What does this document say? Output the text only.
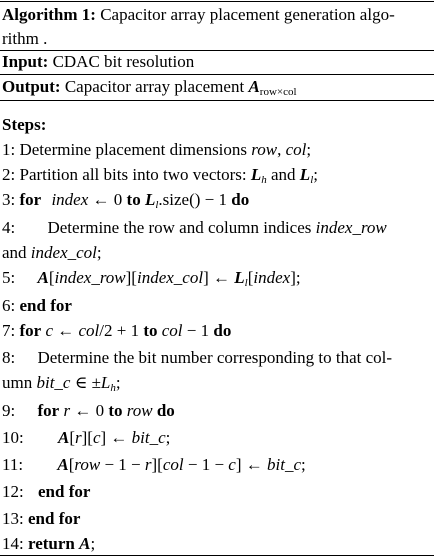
Algorithm 1: Capacitor array placement generation algo-
rithm .
Input: CDAC bit resolution
Output: Capacitor array placement $A_{row\times col}$
Steps:
1: Determine placement dimensions row, col;
2: Partition all bits into two vectors: $L_h$ and $L_l$;
3: for index ← 0 to $L_l.size() - 1$ do
4: Determine the row and column indices index_row
and index_col;
5: A[index_row][index_col] ← $L_l[index]$;
6: end for
7: for c ← col/2 + 1 to col − 1 do
8: Determine the bit number corresponding to that col-
umn bit_c ∈ $\pm L_h$;
9: for r ← 0 to row do
10: A[r][c] ← bit_c;
11: A[row − 1 − r][col − 1 − c] ← bit_c;
12: end for
13: end for
14: return A;
